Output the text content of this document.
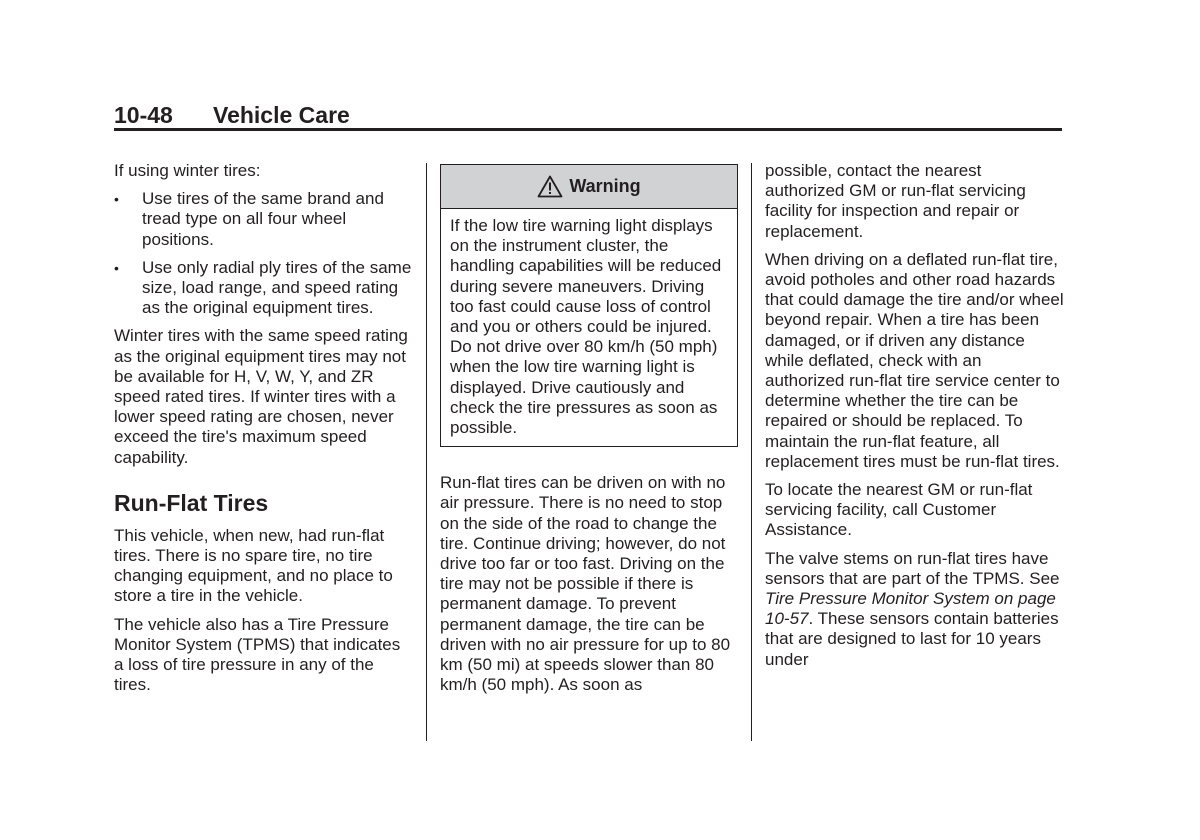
10-48 Vehicle Care

If using winter tires:

• Use tires of the same brand and tread type on all four wheel positions.
• Use only radial ply tires of the same size, load range, and speed rating as the original equipment tires.

Winter tires with the same speed rating as the original equipment tires may not be available for H, V, W, Y, and ZR speed rated tires. If winter tires with a lower speed rating are chosen, never exceed the tire's maximum speed capability.

Run-Flat Tires

This vehicle, when new, had run-flat tires. There is no spare tire, no tire changing equipment, and no place to store a tire in the vehicle.

The vehicle also has a Tire Pressure Monitor System (TPMS) that indicates a loss of tire pressure in any of the tires.

Warning
If the low tire warning light displays on the instrument cluster, the handling capabilities will be reduced during severe maneuvers. Driving too fast could cause loss of control and you or others could be injured. Do not drive over 80 km/h (50 mph) when the low tire warning light is displayed. Drive cautiously and check the tire pressures as soon as possible.

Run-flat tires can be driven on with no air pressure. There is no need to stop on the side of the road to change the tire. Continue driving; however, do not drive too far or too fast. Driving on the tire may not be possible if there is permanent damage. To prevent permanent damage, the tire can be driven with no air pressure for up to 80 km (50 mi) at speeds slower than 80 km/h (50 mph). As soon as

possible, contact the nearest authorized GM or run-flat servicing facility for inspection and repair or replacement.

When driving on a deflated run-flat tire, avoid potholes and other road hazards that could damage the tire and/or wheel beyond repair. When a tire has been damaged, or if driven any distance while deflated, check with an authorized run-flat tire service center to determine whether the tire can be repaired or should be replaced. To maintain the run-flat feature, all replacement tires must be run-flat tires.

To locate the nearest GM or run-flat servicing facility, call Customer Assistance.

The valve stems on run-flat tires have sensors that are part of the TPMS. See Tire Pressure Monitor System on page 10-57. These sensors contain batteries that are designed to last for 10 years under
